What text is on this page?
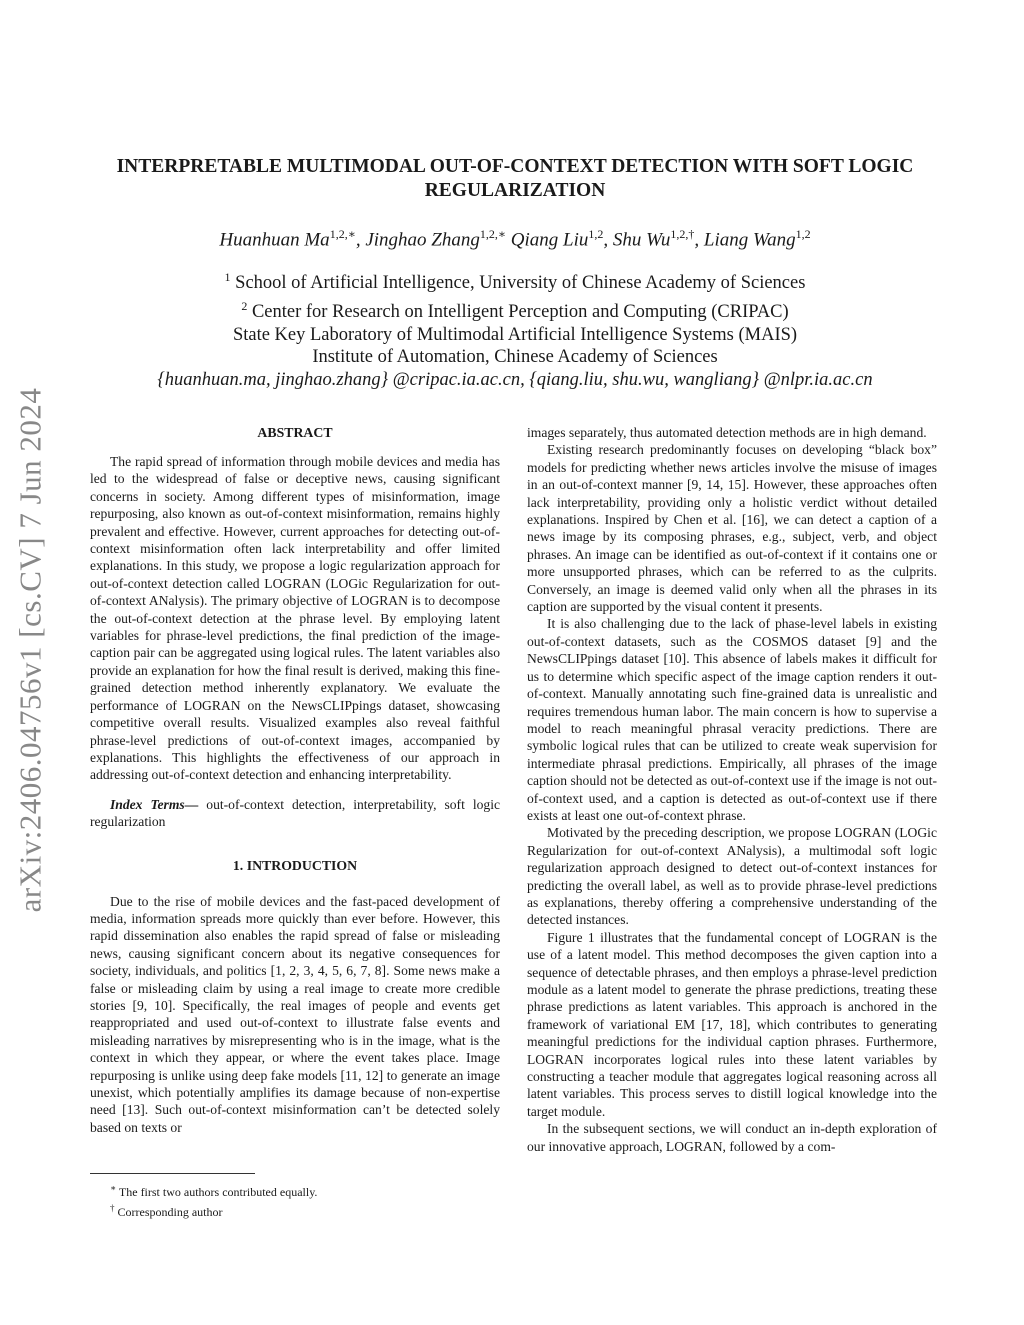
arXiv:2406.04756v1 [cs.CV] 7 Jun 2024
INTERPRETABLE MULTIMODAL OUT-OF-CONTEXT DETECTION WITH SOFT LOGIC
REGULARIZATION
Huanhuan $Ma^{1,2,∗}$, Jinghao Zhang$^{1,2,∗}$ Qiang Liu$^{1,2}$, Shu $Wu^{1,2,\dagger}$, Liang Wang$^{1,2}$
$^1$ School of Artificial Intelligence, University of Chinese Academy of Sciences
$^2$ Center for Research on Intelligent Perception and Computing (CRIPAC)
State Key Laboratory of Multimodal Artificial Intelligence Systems (MAIS)
Institute of Automation, Chinese Academy of Sciences
{huanhuan.ma, jinghao.zhang} @cripac.ia.ac.cn, {qiang.liu, shu.wu, wangliang} @nlpr.ia.ac.cn
ABSTRACT

The rapid spread of information through mobile devices and media has led to the widespread of false or deceptive news, causing significant concerns in society. Among different types of misinformation, image repurposing, also known as out-of-context misinformation, remains highly prevalent and effective. However, current approaches for detecting out-of-context misinformation often lack interpretability and offer limited explanations. In this study, we propose a logic regularization approach for out-of-context detection called LOGRAN (LOGic Regularization for out-of-context ANalysis). The primary objective of LOGRAN is to decompose the out-of-context detection at the phrase level. By employing latent variables for phrase-level predictions, the final prediction of the image-caption pair can be aggregated using logical rules. The latent variables also provide an explanation for how the final result is derived, making this fine-grained detection method inherently explanatory. We evaluate the performance of LOGRAN on the NewsCLIPpings dataset, showcasing competitive overall results. Visualized examples also reveal faithful phrase-level predictions of out-of-context images, accompanied by explanations. This highlights the effectiveness of our approach in addressing out-of-context detection and enhancing interpretability.

Index Terms— out-of-context detection, interpretability, soft logic regularization

1. INTRODUCTION

Due to the rise of mobile devices and the fast-paced development of media, information spreads more quickly than ever before. However, this rapid dissemination also enables the rapid spread of false or misleading news, causing significant concern about its negative consequences for society, individuals, and politics [1, 2, 3, 4, 5, 6, 7, 8]. Some news make a false or misleading claim by using a real image to create more credible stories [9, 10]. Specifically, the real images of people and events get reappropriated and used out-of-context to illustrate false events and misleading narratives by misrepresenting who is in the image, what is the context in which they appear, or where the event takes place. Image repurposing is unlike using deep fake models [11, 12] to generate an image unexist, which potentially amplifies its damage because of non-expertise need [13]. Such out-of-context misinformation can’t be detected solely based on texts or

images separately, thus automated detection methods are in high demand.

Existing research predominantly focuses on developing “black box” models for predicting whether news articles involve the misuse of images in an out-of-context manner [9, 14, 15]. However, these approaches often lack interpretability, providing only a holistic verdict without detailed explanations. Inspired by Chen et al. [16], we can detect a caption of a news image by its composing phrases, e.g., subject, verb, and object phrases. An image can be identified as out-of-context if it contains one or more unsupported phrases, which can be referred to as the culprits. Conversely, an image is deemed valid only when all the phrases in its caption are supported by the visual content it presents.

It is also challenging due to the lack of phase-level labels in existing out-of-context datasets, such as the COSMOS dataset [9] and the NewsCLIPpings dataset [10]. This absence of labels makes it difficult for us to determine which specific aspect of the image caption renders it out-of-context. Manually annotating such fine-grained data is unrealistic and requires tremendous human labor. The main concern is how to supervise a model to reach meaningful phrasal veracity predictions. There are symbolic logical rules that can be utilized to create weak supervision for intermediate phrasal predictions. Empirically, all phrases of the image caption should not be detected as out-of-context use if the image is not out-of-context used, and a caption is detected as out-of-context use if there exists at least one out-of-context phrase.

Motivated by the preceding description, we propose LOGRAN (LOGic Regularization for out-of-context ANalysis), a multimodal soft logic regularization approach designed to detect out-of-context instances for predicting the overall label, as well as to provide phrase-level predictions as explanations, thereby offering a comprehensive understanding of the detected instances.

Figure 1 illustrates that the fundamental concept of LOGRAN is the use of a latent model. This method decomposes the given caption into a sequence of detectable phrases, and then employs a phrase-level prediction module as a latent model to generate the phrase predictions, treating these phrase predictions as latent variables. This approach is anchored in the framework of variational EM [17, 18], which contributes to generating meaningful predictions for the individual caption phrases. Furthermore, LOGRAN incorporates logical rules into these latent variables by constructing a teacher module that aggregates logical reasoning across all latent variables. This process serves to distill logical knowledge into the target module.

In the subsequent sections, we will conduct an in-depth exploration of our innovative approach, LOGRAN, followed by a com-

∗ The first two authors contributed equally.
† Corresponding author
